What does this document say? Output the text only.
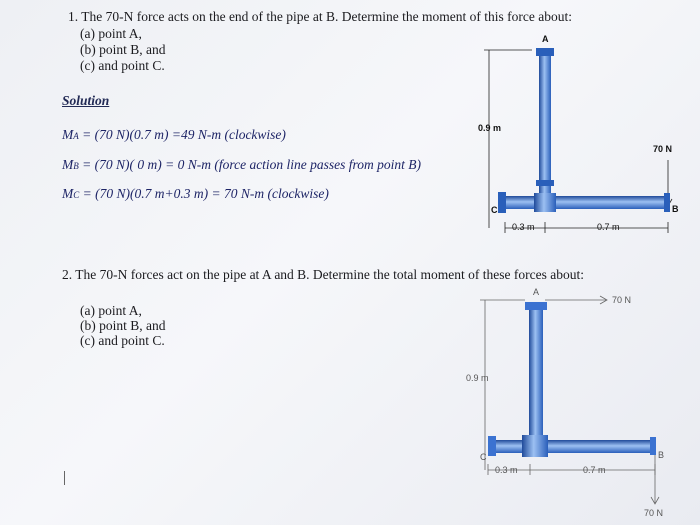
1. The 70-N force acts on the end of the pipe at B. Determine the moment of this force about:
(a) point A,
(b) point B, and
(c) and point C.
Solution
MA = (70 N)(0.7 m) =49 N-m (clockwise)
MB = (70 N)( 0 m) = 0 N-m (force action line passes from point B)
MC = (70 N)(0.7 m+0.3 m) = 70 N-m (clockwise)
A
0.9 m
70 N
B
C
0.3 m	0.7 m
2. The 70-N forces act on the pipe at A and B. Determine the total moment of these forces about:
(a) point A,
(b) point B, and
(c) and point C.
A
70 N
0.9 m
B
C
0.3 m	0.7 m
70 N
